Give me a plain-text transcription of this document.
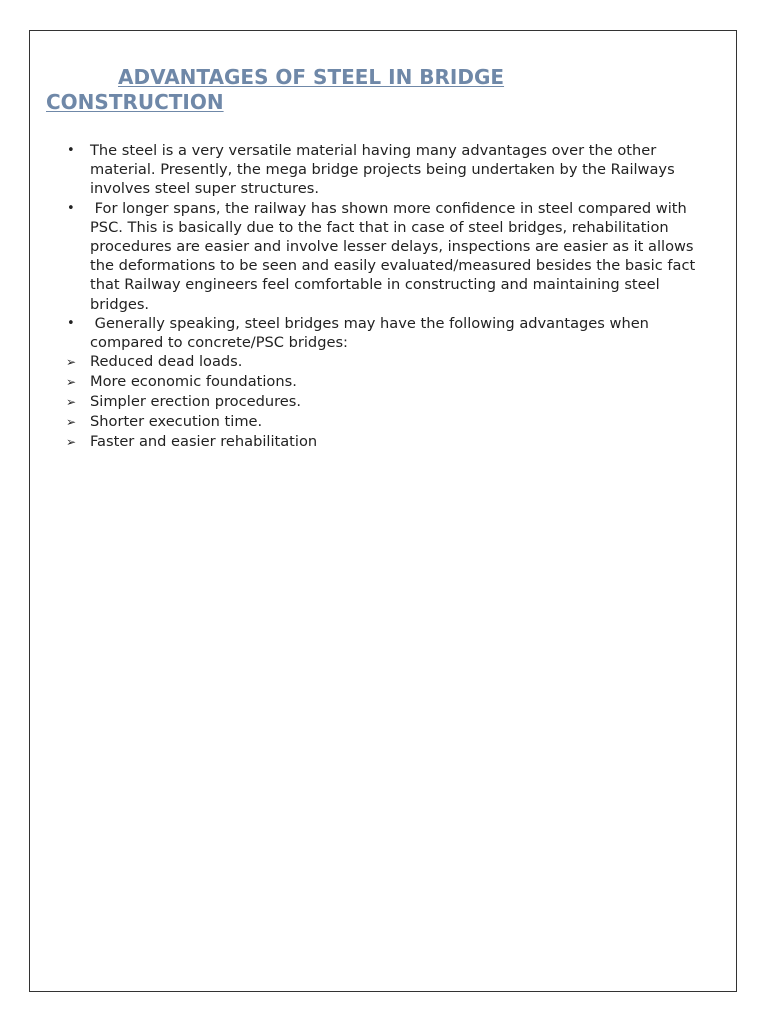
ADVANTAGES OF STEEL IN BRIDGE
CONSTRUCTION
• The steel is a very versatile material having many advantages over the other material. Presently, the mega bridge projects being undertaken by the Railways involves steel super structures.
• For longer spans, the railway has shown more confidence in steel compared with PSC. This is basically due to the fact that in case of steel bridges, rehabilitation procedures are easier and involve lesser delays, inspections are easier as it allows the deformations to be seen and easily evaluated/measured besides the basic fact that Railway engineers feel comfortable in constructing and maintaining steel bridges.
• Generally speaking, steel bridges may have the following advantages when compared to concrete/PSC bridges:
➢ Reduced dead loads.
➢ More economic foundations.
➢ Simpler erection procedures.
➢ Shorter execution time.
➢ Faster and easier rehabilitation
